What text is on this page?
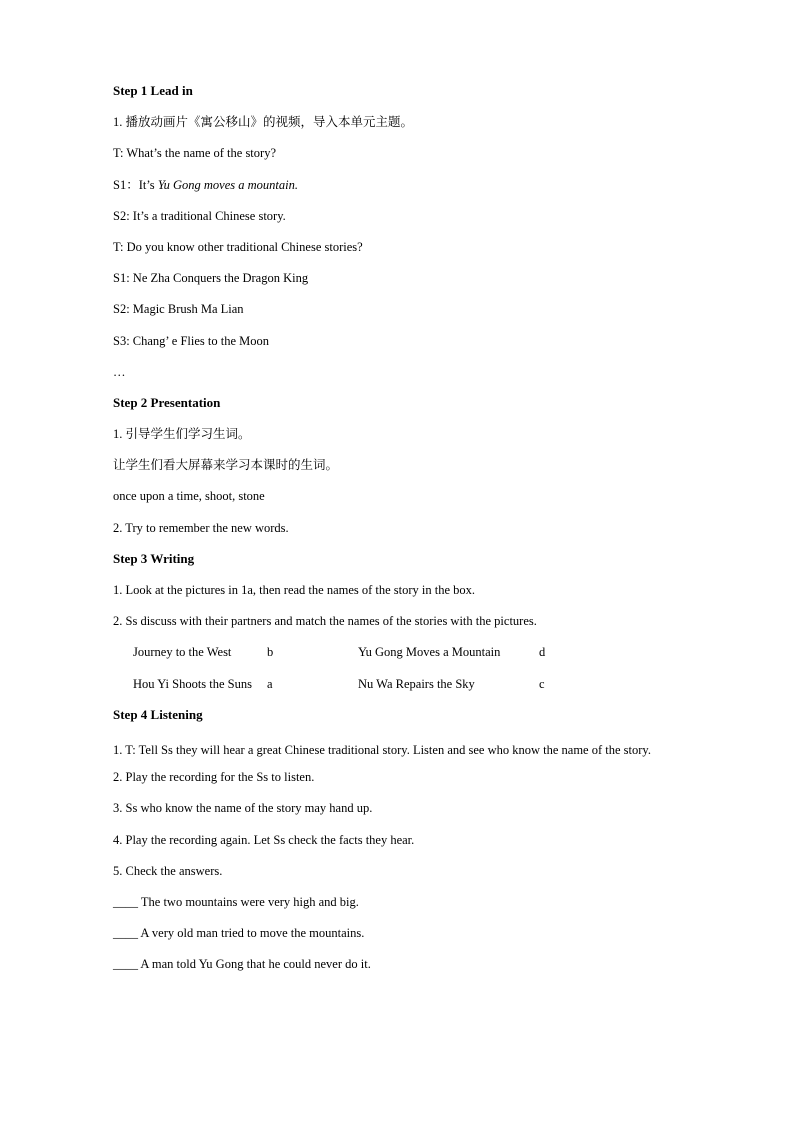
Step 1 Lead in
1. 播放动画片《寓公移山》的视频，导入本单元主题。
T: What’s the name of the story?
S1：It’s Yu Gong moves a mountain.
S2: It’s a traditional Chinese story.
T: Do you know other traditional Chinese stories?
S1: Ne Zha Conquers the Dragon King
S2: Magic Brush Ma Lian
S3: Chang’ e Flies to the Moon
…
Step 2 Presentation
1. 引导学生们学习生词。
让学生们看大屏幕来学习本课时的生词。
once upon a time, shoot, stone
2. Try to remember the new words.
Step 3 Writing
1. Look at the pictures in 1a, then read the names of the story in the box.
2. Ss discuss with their partners and match the names of the stories with the pictures.
Journey to the West	b	Yu Gong Moves a Mountain	d
Hou Yi Shoots the Suns a	Nu Wa Repairs the Sky	c
Step 4 Listening
1. T: Tell Ss they will hear a great Chinese traditional story. Listen and see who know the name of the story.
2. Play the recording for the Ss to listen.
3. Ss who know the name of the story may hand up.
4. Play the recording again. Let Ss check the facts they hear.
5. Check the answers.
____ The two mountains were very high and big.
____ A very old man tried to move the mountains.
____ A man told Yu Gong that he could never do it.
